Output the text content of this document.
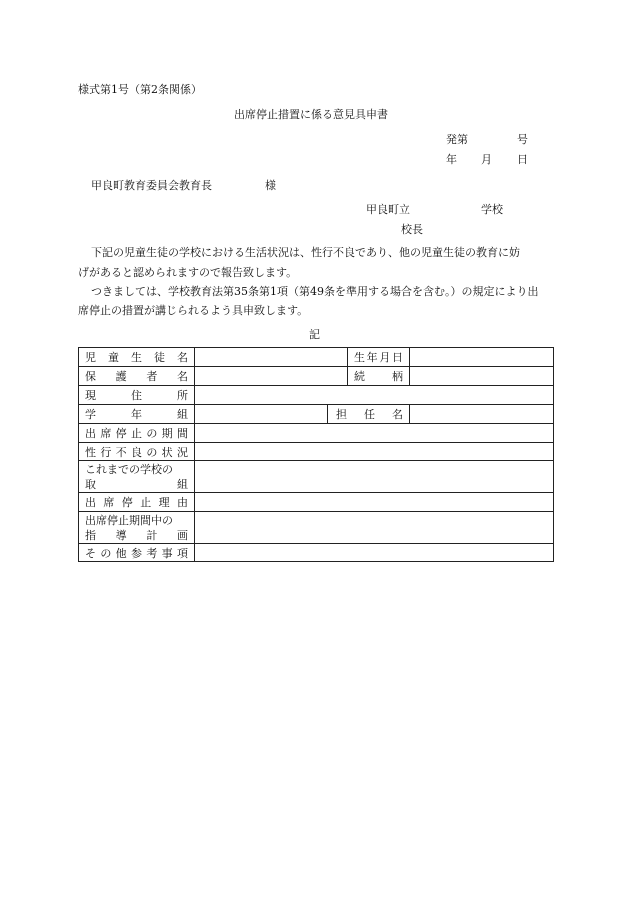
様式第1号（第2条関係）
出席停止措置に係る意見具申書
発第	号
年 月 日
甲良町教育委員会教育長	様
甲良町立	学校
校長
下記の児童生徒の学校における生活状況は、性行不良であり、他の児童生徒の教育に妨
げがあると認められますので報告致します。
つきましては、学校教育法第35条第1項（第49条を準用する場合を含む。）の規定により出
席停止の措置が講じられるよう具申致します。
記
児童生徒名			生年月日	
保護者名			続柄	
現住所				
学年組		担任名		
出席停止の期間				
性行不良の状況				

これまでの学校の
取 組				

出席停止理由				

出席停止期間中の
指 導 計 画				

その他参考事項				
